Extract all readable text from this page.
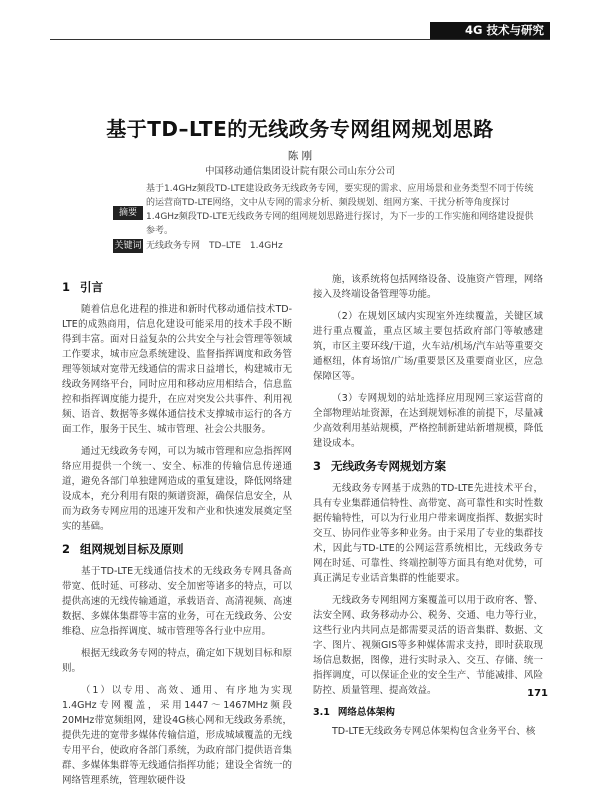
4G 技术与研究
基于TD–LTE的无线政务专网组网规划思路
陈 刚
中国移动通信集团设计院有限公司山东分公司
摘要
基于1.4GHz频段TD-LTE建设政务无线政务专网，要实现的需求、应用场景和业务类型不同于传统的运营商TD-LTE网络，文中从专网的需求分析、频段规划、组网方案、干扰分析等角度探讨1.4GHz频段TD-LTE无线政务专网的组网规划思路进行探讨，为下一步的工作实施和网络建设提供参考。
关键词 无线政务专网　TD–LTE　1.4GHz
1 引言

随着信息化进程的推进和新时代移动通信技术TD-LTE的成熟商用，信息化建设可能采用的技术手段不断得到丰富。面对日益复杂的公共安全与社会管理等领域工作要求，城市应急系统建设、监督指挥调度和政务管理等领域对宽带无线通信的需求日益增长，构建城市无线政务网络平台，同时应用和移动应用相结合，信息监控和指挥调度能力提升，在应对突发公共事件、利用视频、语音、数据等多媒体通信技术支撑城市运行的各方面工作，服务于民生、城市管理、社会公共服务。

通过无线政务专网，可以为城市管理和应急指挥网络应用提供一个统一、安全、标准的传输信息传递通道，避免各部门单独建网造成的重复建设，降低网络建设成本，充分利用有限的频谱资源，确保信息安全，从而为政务专网应用的迅速开发和产业和快速发展奠定坚实的基础。

2 组网规划目标及原则

基于TD-LTE无线通信技术的无线政务专网具备高带宽、低时延、可移动、安全加密等诸多的特点，可以提供高速的无线传输通道，承载语音、高清视频、高速数据、多媒体集群等丰富的业务，可在无线政务、公安维稳、应急指挥调度、城市管理等各行业中应用。

根据无线政务专网的特点，确定如下规划目标和原则。

（1）以专用、高效、通用、有序地为实现1.4GHz专网覆盖，采用1447～1467MHz频段20MHz带宽频组网，建设4G核心网和无线政务系统，提供先进的宽带多媒体传输信道，形成城域覆盖的无线专用平台，使政府各部门系统，为政府部门提供语音集群、多媒体集群等无线通信指挥功能；建设全省统一的网络管理系统，管理软硬件设

施，该系统将包括网络设备、设施资产管理，网络接入及终端设备管理等功能。

（2）在规划区域内实现室外连续覆盖，关键区域进行重点覆盖，重点区域主要包括政府部门等敏感建筑，市区主要环线/干道，火车站/机场/汽车站等重要交通枢纽，体育场馆/广场/重要景区及重要商业区，应急保障区等。

（3）专网规划的站址选择应用现网三家运营商的全部物理站址资源，在达到规划标准的前提下，尽量减少高效利用基站规模，严格控制新建站新增规模，降低建设成本。

3 无线政务专网规划方案

无线政务专网基于成熟的TD-LTE先进技术平台，具有专业集群通信特性、高带宽、高可靠性和实时性数据传输特性，可以为行业用户带来调度指挥、数据实时交互、协同作业等多种业务。由于采用了专业的集群技术，因此与TD-LTE的公网运营系统相比，无线政务专网在时延、可靠性、终端控制等方面具有绝对优势，可真正满足专业话音集群的性能要求。

无线政务专网组网方案覆盖可以用于政府客、警、法安全网、政务移动办公、税务、交通、电力等行业，这些行业内共同点是都需要灵活的语音集群、数据、文字、图片、视频GIS等多种媒体需求支持，即时获取现场信息数据，图像，进行实时录入、交互、存储、统一指挥调度，可以保证企业的安全生产、节能减排、风险防控、质量管理、提高效益。

3.1 网络总体架构

TD-LTE无线政务专网总体架构包含业务平台、核

171
